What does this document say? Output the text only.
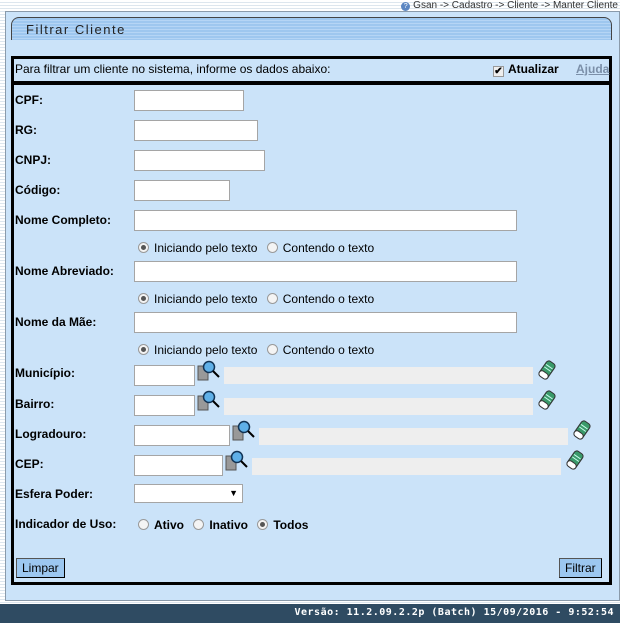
? Gsan -> Cadastro -> Cliente -> Manter Cliente
Filtrar Cliente
Para filtrar um cliente no sistema, informe os dados abaixo:	✔ Atualizar Ajuda
CPF:
RG:
CNPJ:
Código:
Nome Completo:
Iniciando pelo texto Contendo o texto
Nome Abreviado:
Iniciando pelo texto Contendo o texto
Nome da Mãe:
Iniciando pelo texto Contendo o texto
Município:
Bairro:
Logradouro:
CEP:
Esfera Poder:	▼
Indicador de Uso:	Ativo Inativo Todos
Limpar	Filtrar
Versão: 11.2.09.2.2p (Batch) 15/09/2016 - 9:52:54
